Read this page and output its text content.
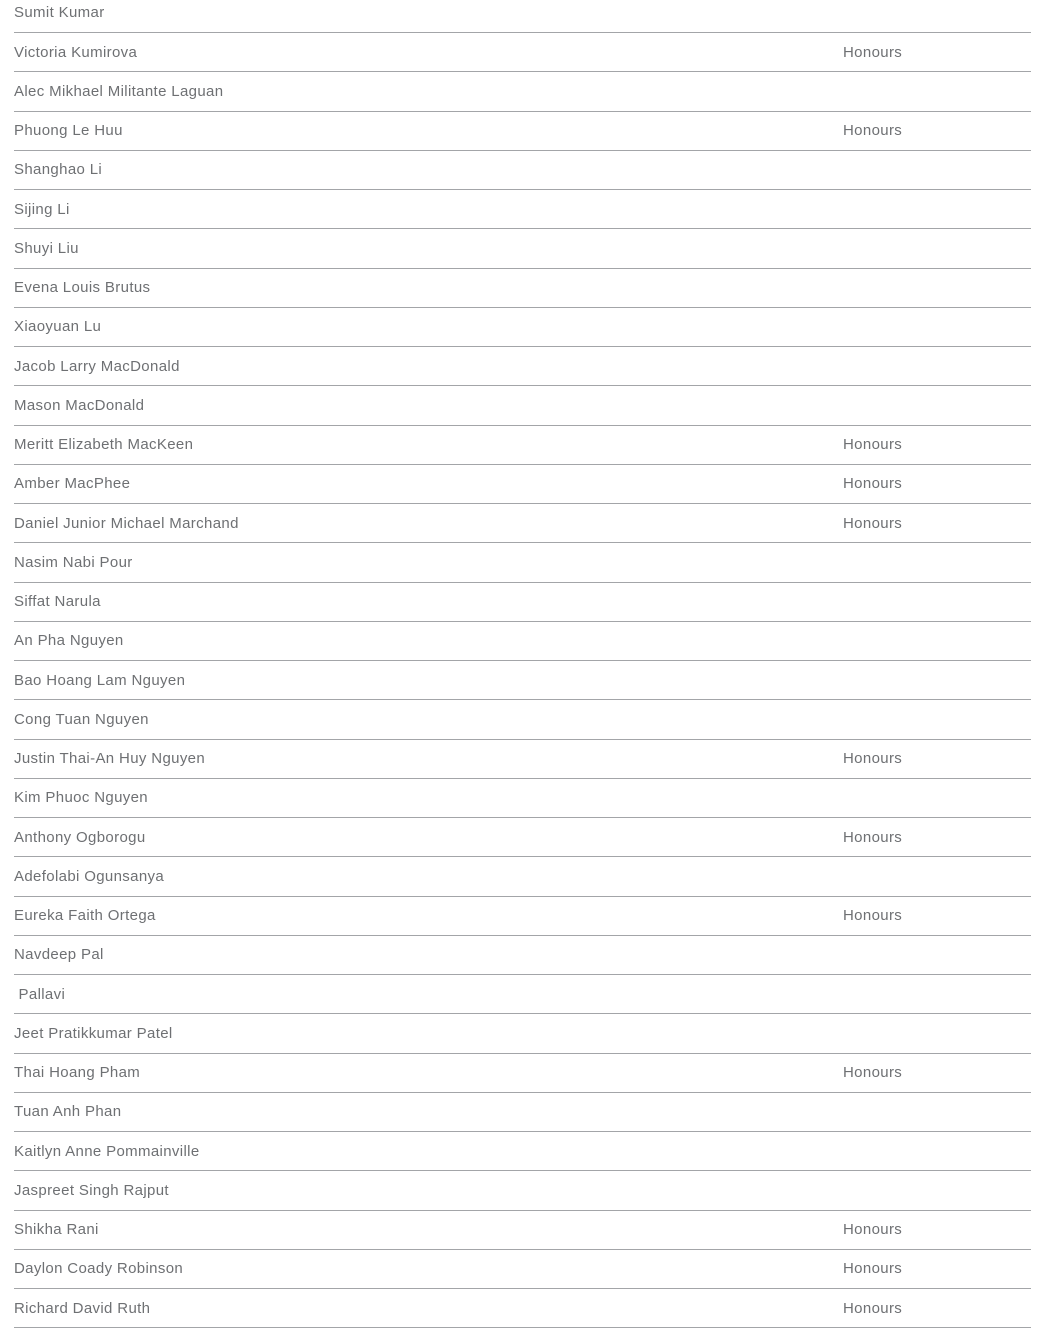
Sumit Kumar
Victoria Kumirova	Honours
Alec Mikhael Militante Laguan
Phuong Le Huu	Honours
Shanghao Li
Sijing Li
Shuyi Liu
Evena Louis Brutus
Xiaoyuan Lu
Jacob Larry MacDonald
Mason MacDonald
Meritt Elizabeth MacKeen	Honours
Amber MacPhee	Honours
Daniel Junior Michael Marchand	Honours
Nasim Nabi Pour
Siffat Narula
An Pha Nguyen
Bao Hoang Lam Nguyen
Cong Tuan Nguyen
Justin Thai-An Huy Nguyen	Honours
Kim Phuoc Nguyen
Anthony Ogborogu	Honours
Adefolabi Ogunsanya
Eureka Faith Ortega	Honours
Navdeep Pal
Pallavi
Jeet Pratikkumar Patel
Thai Hoang Pham	Honours
Tuan Anh Phan
Kaitlyn Anne Pommainville
Jaspreet Singh Rajput
Shikha Rani	Honours
Daylon Coady Robinson	Honours
Richard David Ruth	Honours
